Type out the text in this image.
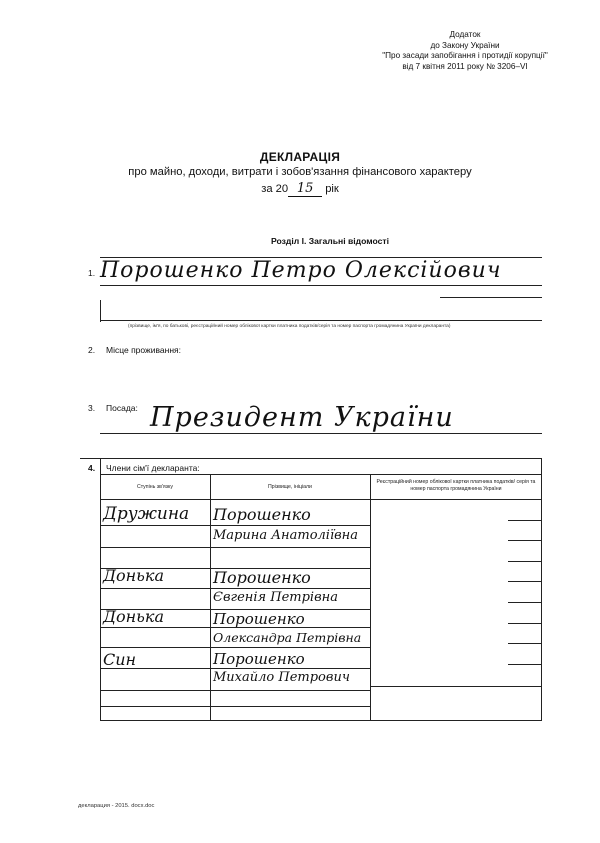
Додаток
до Закону України
"Про засади запобігання і протидії корупції"
від 7 квітня 2011 року № 3206–VI
ДЕКЛАРАЦІЯ
про майно, доходи, витрати і зобов'язання фінансового характеру
за 20 15 рік
Розділ І. Загальні відомості
1. Порошенко Петро Олексійович
(прізвище, ім'я, по батькові, реєстраційний номер облікової картки платника податків/серія та номер паспорта громадянина України декларанта)
2. Місце проживання:
3. Посада: Президент України
4. Члени сім'ї декларанта:
Ступінь зв'язку	Прізвище, ініціали
Реєстраційний номер облікової картки платника податків/ серія та номер паспорта громадянина України
Дружина Порошенко
Марина Анатоліївна
Донька	Порошенко
Євгенія Петрівна
Донька	Порошенко
Олександра Петрівна
Син	Порошенко
Михайло Петрович
декларация - 2015. docx.doc
